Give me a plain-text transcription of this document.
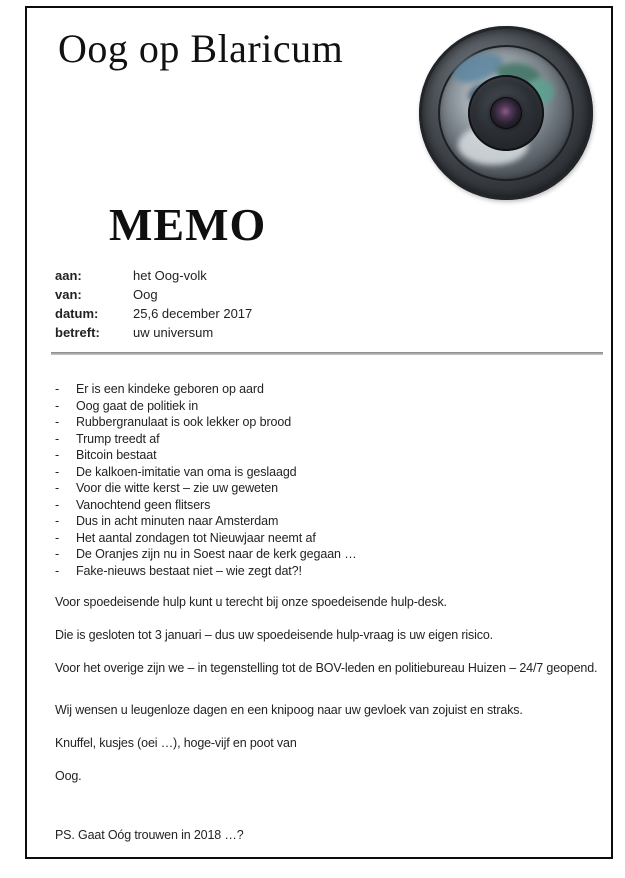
Oog op Blaricum
MEMO
aan:	het Oog-volk
van:	Oog
datum:	25,6 december 2017
betreft:	uw universum
- Er is een kindeke geboren op aard
- Oog gaat de politiek in
- Rubbergranulaat is ook lekker op brood
- Trump treedt af
- Bitcoin bestaat
- De kalkoen-imitatie van oma is geslaagd
- Voor die witte kerst – zie uw geweten
- Vanochtend geen flitsers
- Dus in acht minuten naar Amsterdam
- Het aantal zondagen tot Nieuwjaar neemt af
- De Oranjes zijn nu in Soest naar de kerk gegaan …
- Fake-nieuws bestaat niet – wie zegt dat?!

Voor spoedeisende hulp kunt u terecht bij onze spoedeisende hulp-desk.

Die is gesloten tot 3 januari – dus uw spoedeisende hulp-vraag is uw eigen risico.

Voor het overige zijn we – in tegenstelling tot de BOV-leden en politiebureau Huizen – 24/7 geopend.

Wij wensen u leugenloze dagen en een knipoog naar uw gevloek van zojuist en straks.

Knuffel, kusjes (oei …), hoge-vijf en poot van

Oog.

PS. Gaat Oóg trouwen in 2018 …?
